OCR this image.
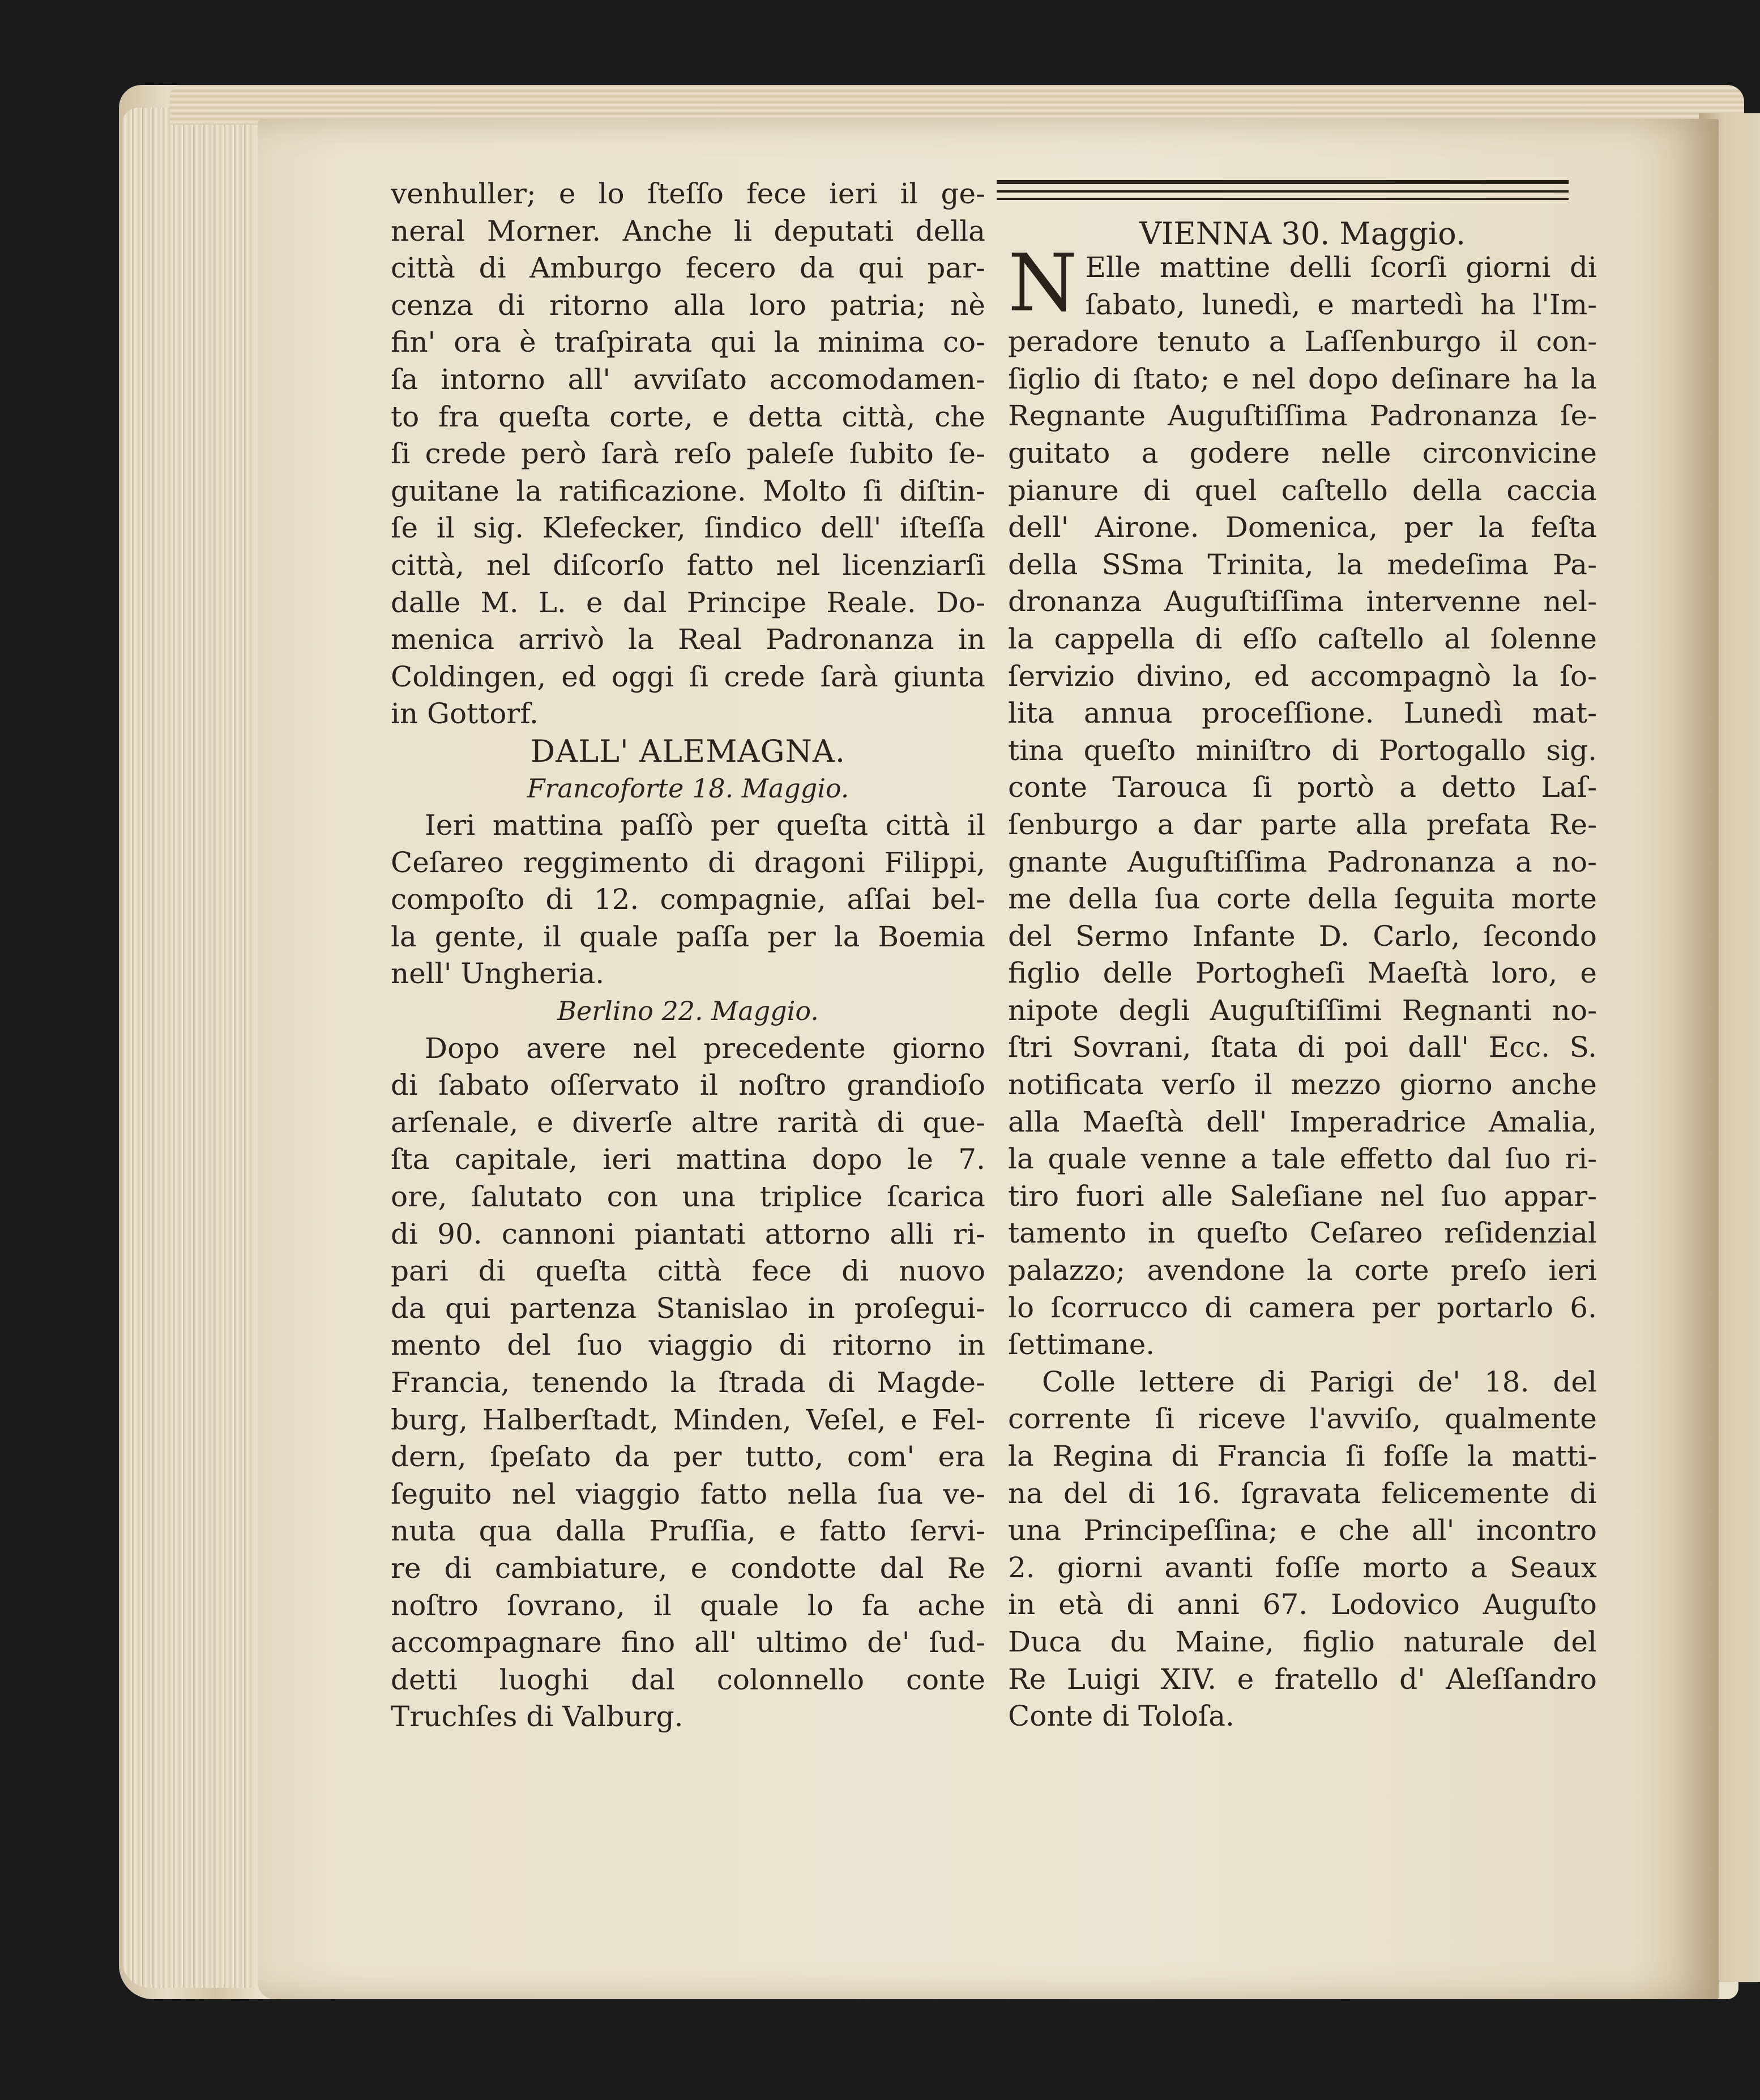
venhuller; e lo ſteſſo fece ieri il ge-
neral Morner. Anche li deputati della
città di Amburgo fecero da qui par-
cenza di ritorno alla loro patria; nè
fin' ora è traſpirata qui la minima co-
ſa intorno all' avviſato accomodamen-
to fra queſta corte, e detta città, che
ſi crede però ſarà reſo paleſe ſubito ſe-
guitane la ratificazione. Molto ſi diſtin-
ſe il sig. Klefecker, ſindico dell' iſteſſa
città, nel diſcorſo fatto nel licenziarſi
dalle M. L. e dal Principe Reale. Do-
menica arrivò la Real Padronanza in
Coldingen, ed oggi ſi crede ſarà giunta
in Gottorf.

DALL' ALEMAGNA.
Francoforte 18. Maggio.

Ieri mattina paſſò per queſta città il
Ceſareo reggimento di dragoni Filippi,
compoſto di 12. compagnie, aſſai bel-
la gente, il quale paſſa per la Boemia
nell' Ungheria.

Berlino 22. Maggio.

Dopo avere nel precedente giorno
di ſabato oſſervato il noſtro grandioſo
arſenale, e diverſe altre rarità di que-
ſta capitale, ieri mattina dopo le 7.
ore, ſalutato con una triplice ſcarica
di 90. cannoni piantati attorno alli ri-
pari di queſta città fece di nuovo
da qui partenza Stanislao in proſegui-
mento del ſuo viaggio di ritorno in
Francia, tenendo la ſtrada di Magde-
burg, Halberſtadt, Minden, Veſel, e Fel-
dern, ſpeſato da per tutto, com' era
ſeguito nel viaggio fatto nella ſua ve-
nuta qua dalla Pruſſia, e fatto ſervi-
re di cambiature, e condotte dal Re
noſtro ſovrano, il quale lo fa ache
accompagnare fino all' ultimo de' ſud-
detti luoghi dal colonnello conte
Truchſes di Valburg.

VIENNA 30. Maggio.
N Elle mattine delli ſcorſi giorni di
ſabato, lunedì, e martedì ha l'Im-
peradore tenuto a Laſſenburgo il con-
ſiglio di ſtato; e nel dopo deſinare ha la
Regnante Auguſtiſſima Padronanza ſe-
guitato a godere nelle circonvicine
pianure di quel caſtello della caccia
dell' Airone. Domenica, per la feſta
della SSma Trinita, la medeſima Pa-
dronanza Auguſtiſſima intervenne nel-
la cappella di eſſo caſtello al ſolenne
ſervizio divino, ed accompagnò la ſo-
lita annua proceſſione. Lunedì mat-
tina queſto miniſtro di Portogallo sig.
conte Tarouca ſi portò a detto Laſ-
ſenburgo a dar parte alla prefata Re-
gnante Auguſtiſſima Padronanza a no-
me della ſua corte della ſeguita morte
del Sermo Infante D. Carlo, ſecondo
figlio delle Portogheſi Maeſtà loro, e
nipote degli Auguſtiſſimi Regnanti no-
ſtri Sovrani, ſtata di poi dall' Ecc. S.
notificata verſo il mezzo giorno anche
alla Maeſtà dell' Imperadrice Amalia,
la quale venne a tale effetto dal ſuo ri-
tiro fuori alle Saleſiane nel ſuo appar-
tamento in queſto Ceſareo reſidenzial
palazzo; avendone la corte preſo ieri
lo ſcorrucco di camera per portarlo 6.
ſettimane.

Colle lettere di Parigi de' 18. del
corrente ſi riceve l'avviſo, qualmente
la Regina di Francia ſi foſſe la matti-
na del di 16. ſgravata felicemente di
una Principeſſina; e che all' incontro
2. giorni avanti foſſe morto a Seaux
in età di anni 67. Lodovico Auguſto
Duca du Maine, figlio naturale del
Re Luigi XIV. e fratello d' Aleſſandro
Conte di Toloſa.
